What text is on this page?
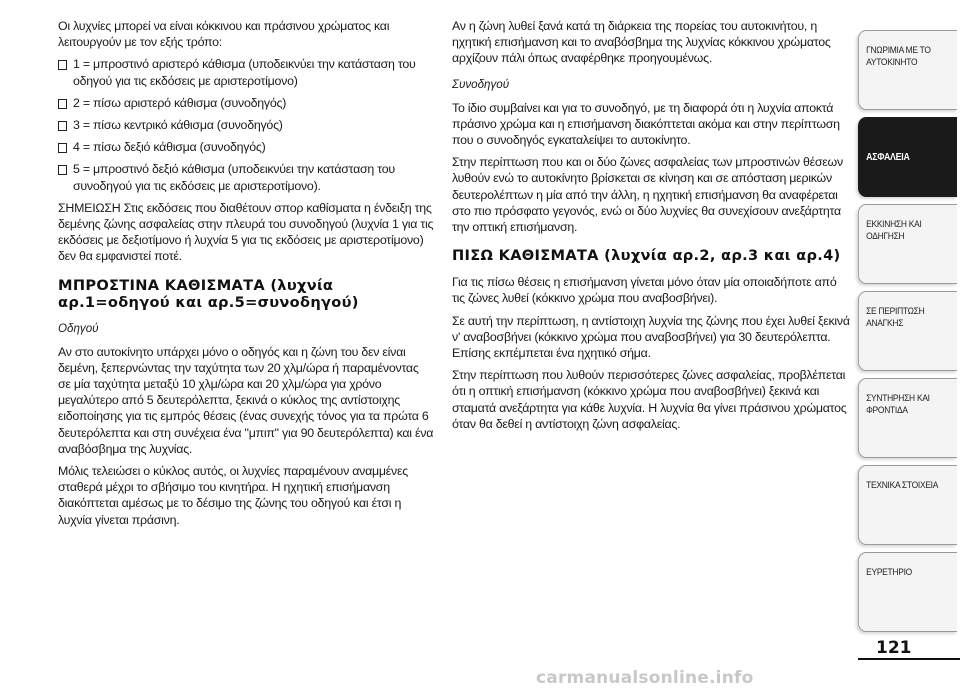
Οι λυχνίες μπορεί να είναι κόκκινου και πράσινου χρώματος και λειτουργούν με τον εξής τρόπο:

1 = μπροστινό αριστερό κάθισμα (υποδεικνύει την κατάσταση του οδηγού για τις εκδόσεις με αριστεροτίμονο)
2 = πίσω αριστερό κάθισμα (συνοδηγός)
3 = πίσω κεντρικό κάθισμα (συνοδηγός)
4 = πίσω δεξιό κάθισμα (συνοδηγός)
5 = μπροστινό δεξιό κάθισμα (υποδεικνύει την κατάσταση του συνοδηγού για τις εκδόσεις με αριστεροτίμονο).

ΣΗΜΕΙΩΣΗ Στις εκδόσεις που διαθέτουν σπορ καθίσματα η ένδειξη της δεμένης ζώνης ασφαλείας στην πλευρά του συνοδηγού (λυχνία 1 για τις εκδόσεις με δεξιοτίμονο ή λυχνία 5 για τις εκδόσεις με αριστεροτίμονο) δεν θα εμφανιστεί ποτέ.

ΜΠΡΟΣΤΙΝΑ ΚΑΘΙΣΜΑΤΑ (λυχνία αρ.1=οδηγού και αρ.5=συνοδηγού)
Οδηγού

Αν στο αυτοκίνητο υπάρχει μόνο ο οδηγός και η ζώνη του δεν είναι δεμένη, ξεπερνώντας την ταχύτητα των 20 χλμ/ώρα ή παραμένοντας σε μία ταχύτητα μεταξύ 10 χλμ/ώρα και 20 χλμ/ώρα για χρόνο μεγαλύτερο από 5 δευτερόλεπτα, ξεκινά ο κύκλος της αντίστοιχης ειδοποίησης για τις εμπρός θέσεις (ένας συνεχής τόνος για τα πρώτα 6 δευτερόλεπτα και στη συνέχεια ένα "μπιπ" για 90 δευτερόλεπτα) και ένα αναβόσβημα της λυχνίας.

Μόλις τελειώσει ο κύκλος αυτός, οι λυχνίες παραμένουν αναμμένες σταθερά μέχρι το σβήσιμο του κινητήρα. Η ηχητική επισήμανση διακόπτεται αμέσως με το δέσιμο της ζώνης του οδηγού και έτσι η λυχνία γίνεται πράσινη.

Αν η ζώνη λυθεί ξανά κατά τη διάρκεια της πορείας του αυτοκινήτου, η ηχητική επισήμανση και το αναβόσβημα της λυχνίας κόκκινου χρώματος αρχίζουν πάλι όπως αναφέρθηκε προηγουμένως.

Συνοδηγού

Το ίδιο συμβαίνει και για το συνοδηγό, με τη διαφορά ότι η λυχνία αποκτά πράσινο χρώμα και η επισήμανση διακόπτεται ακόμα και στην περίπτωση που ο συνοδηγός εγκαταλείψει το αυτοκίνητο.

Στην περίπτωση που και οι δύο ζώνες ασφαλείας των μπροστινών θέσεων λυθούν ενώ το αυτοκίνητο βρίσκεται σε κίνηση και σε απόσταση μερικών δευτερολέπτων η μία από την άλλη, η ηχητική επισήμανση θα αναφέρεται στο πιο πρόσφατο γεγονός, ενώ οι δύο λυχνίες θα συνεχίσουν ανεξάρτητα την οπτική επισήμανση.

ΠΙΣΩ ΚΑΘΙΣΜΑΤΑ (λυχνία αρ.2, αρ.3 και αρ.4)

Για τις πίσω θέσεις η επισήμανση γίνεται μόνο όταν μία οποιαδήποτε από τις ζώνες λυθεί (κόκκινο χρώμα που αναβοσβήνει).

Σε αυτή την περίπτωση, η αντίστοιχη λυχνία της ζώνης που έχει λυθεί ξεκινά ν' αναβοσβήνει (κόκκινο χρώμα που αναβοσβήνει) για 30 δευτερόλεπτα. Επίσης εκπέμπεται ένα ηχητικό σήμα.

Στην περίπτωση που λυθούν περισσότερες ζώνες ασφαλείας, προβλέπεται ότι η οπτική επισήμανση (κόκκινο χρώμα που αναβοσβήνει) ξεκινά και σταματά ανεξάρτητα για κάθε λυχνία. Η λυχνία θα γίνει πράσινου χρώματος όταν θα δεθεί η αντίστοιχη ζώνη ασφαλείας.

ΓΝΩΡΙΜΙΑ ΜΕ ΤΟ ΑΥΤΟΚΙΝΗΤΟ
ΑΣΦΑΛΕΙΑ
ΕΚΚΙΝΗΣΗ ΚΑΙ ΟΔΗΓΗΣΗ
ΣΕ ΠΕΡΙΠΤΩΣΗ ΑΝΑΓΚΗΣ
ΣΥΝΤΗΡΗΣΗ ΚΑΙ ΦΡΟΝΤΙΔΑ
ΤΕΧΝΙΚΑ ΣΤΟΙΧΕΙΑ
ΕΥΡΕΤΗΡΙΟ
121
carmanualsonline.info
